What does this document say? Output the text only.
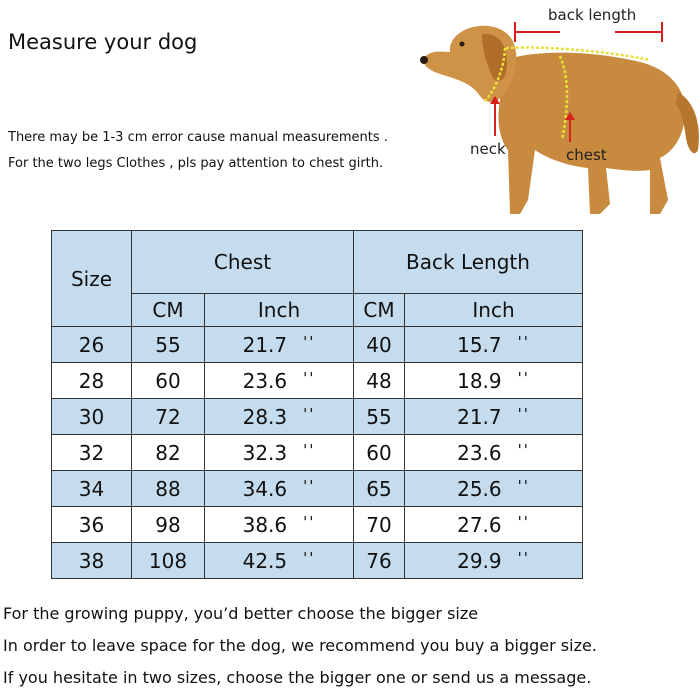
Measure your dog
There may be 1-3 cm error cause manual measurements .
For the two legs Clothes , pls pay attention to chest girth.
back length
neck	chest
Size	Chest		Back Length	
	CM	Inch	CM	Inch
26	55	21.7 ''	40	15.7 ''
28	60	23.6 ''	48	18.9 ''
30	72	28.3 ''	55	21.7 ''
32	82	32.3 ''	60	23.6 ''
34	88	34.6 ''	65	25.6 ''
36	98	38.6 ''	70	27.6 ''
38	108	42.5 ''	76	29.9 ''
For the growing puppy, you’d better choose the bigger size
In order to leave space for the dog, we recommend you buy a bigger size.
If you hesitate in two sizes, choose the bigger one or send us a message.
